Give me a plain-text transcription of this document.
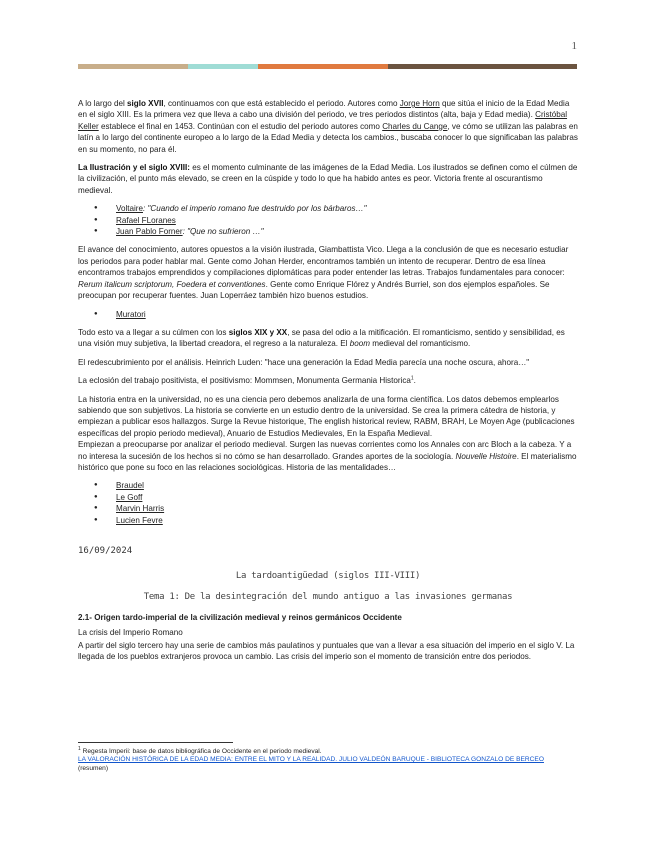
1

A lo largo del siglo XVII, continuamos con que está establecido el periodo. Autores como Jorge Horn que sitúa el inicio de la Edad Media en el siglo XIII. Es la primera vez que lleva a cabo una división del periodo, ve tres periodos distintos (alta, baja y Edad media). Cristóbal Keller establece el final en 1453. Continúan con el estudio del periodo autores como Charles du Cange, ve cómo se utilizan las palabras en latín a lo largo del continente europeo a lo largo de la Edad Media y detecta los cambios., buscaba conocer lo que significaban las palabras en su momento, no para él.

La Ilustración y el siglo XVIII: es el momento culminante de las imágenes de la Edad Media. Los ilustrados se definen como el cúlmen de la civilización, el punto más elevado, se creen en la cúspide y todo lo que ha habido antes es peor. Victoria frente al oscurantismo medieval.

● Voltaire: "Cuando el imperio romano fue destruido por los bárbaros…"
● Rafael FLoranes
● Juan Pablo Forner: "Que no sufrieron …"

El avance del conocimiento, autores opuestos a la visión ilustrada, Giambattista Vico. Llega a la conclusión de que es necesario estudiar los periodos para poder hablar mal. Gente como Johan Herder, encontramos también un intento de recuperar. Dentro de esa línea encontramos trabajos emprendidos y compilaciones diplomáticas para poder entender las letras. Trabajos fundamentales para conocer: Rerum italicum scriptorum, Foedera et conventiones. Gente como Enrique Flórez y Andrés Burriel, son dos ejemplos españoles. Se preocupan por recuperar fuentes. Juan Loperráez también hizo buenos estudios.

● Muratori

Todo esto va a llegar a su cúlmen con los siglos XIX y XX, se pasa del odio a la mitificación. El romanticismo, sentido y sensibilidad, es una visión muy subjetiva, la libertad creadora, el regreso a la naturaleza. El boom medieval del romanticismo.

El redescubrimiento por el análisis. Heinrich Luden: "hace una generación la Edad Media parecía una noche oscura, ahora…"

La eclosión del trabajo positivista, el positivismo: Mommsen, Monumenta Germania Historica$^1$.

La historia entra en la universidad, no es una ciencia pero debemos analizarla de una forma científica. Los datos debemos emplearlos sabiendo que son subjetivos. La historia se convierte en un estudio dentro de la universidad. Se crea la primera cátedra de historia, y empiezan a publicar esos hallazgos. Surge la Revue historique, The english historical review, RABM, BRAH, Le Moyen Age (publicaciones específicas del propio periodo medieval), Anuario de Estudios Medievales, En la España Medieval.
Empiezan a preocuparse por analizar el periodo medieval. Surgen las nuevas corrientes como los Annales con arc Bloch a la cabeza. Y a no interesa la sucesión de los hechos si no cómo se han desarrollado. Grandes aportes de la sociología. Nouvelle Histoire. El materialismo histórico que pone su foco en las relaciones sociológicas. Historia de las mentalidades…

● Braudel
● Le Goff
● Marvin Harris
● Lucien Fevre
16/09/2024
La tardoantigüedad (siglos III-VIII)
Tema 1: De la desintegración del mundo antiguo a las invasiones germanas

2.1- Origen tardo-imperial de la civilización medieval y reinos germánicos Occidente

La crisis del Imperio Romano

A partir del siglo tercero hay una serie de cambios más paulatinos y puntuales que van a llevar a esa situación del imperio en el siglo V. La llegada de los pueblos extranjeros provoca un cambio. Las crisis del imperio son el momento de transición entre dos periodos.

$^1$ Regesta Imperii: base de datos bibliográfica de Occidente en el periodo medieval.
LA VALORACIÓN HISTÓRICA DE LA EDAD MEDIA: ENTRE EL MITO Y LA REALIDAD. JULIO VALDEÓN BARUQUE - BIBLIOTECA GONZALO DE BERCEO
(resumen)
